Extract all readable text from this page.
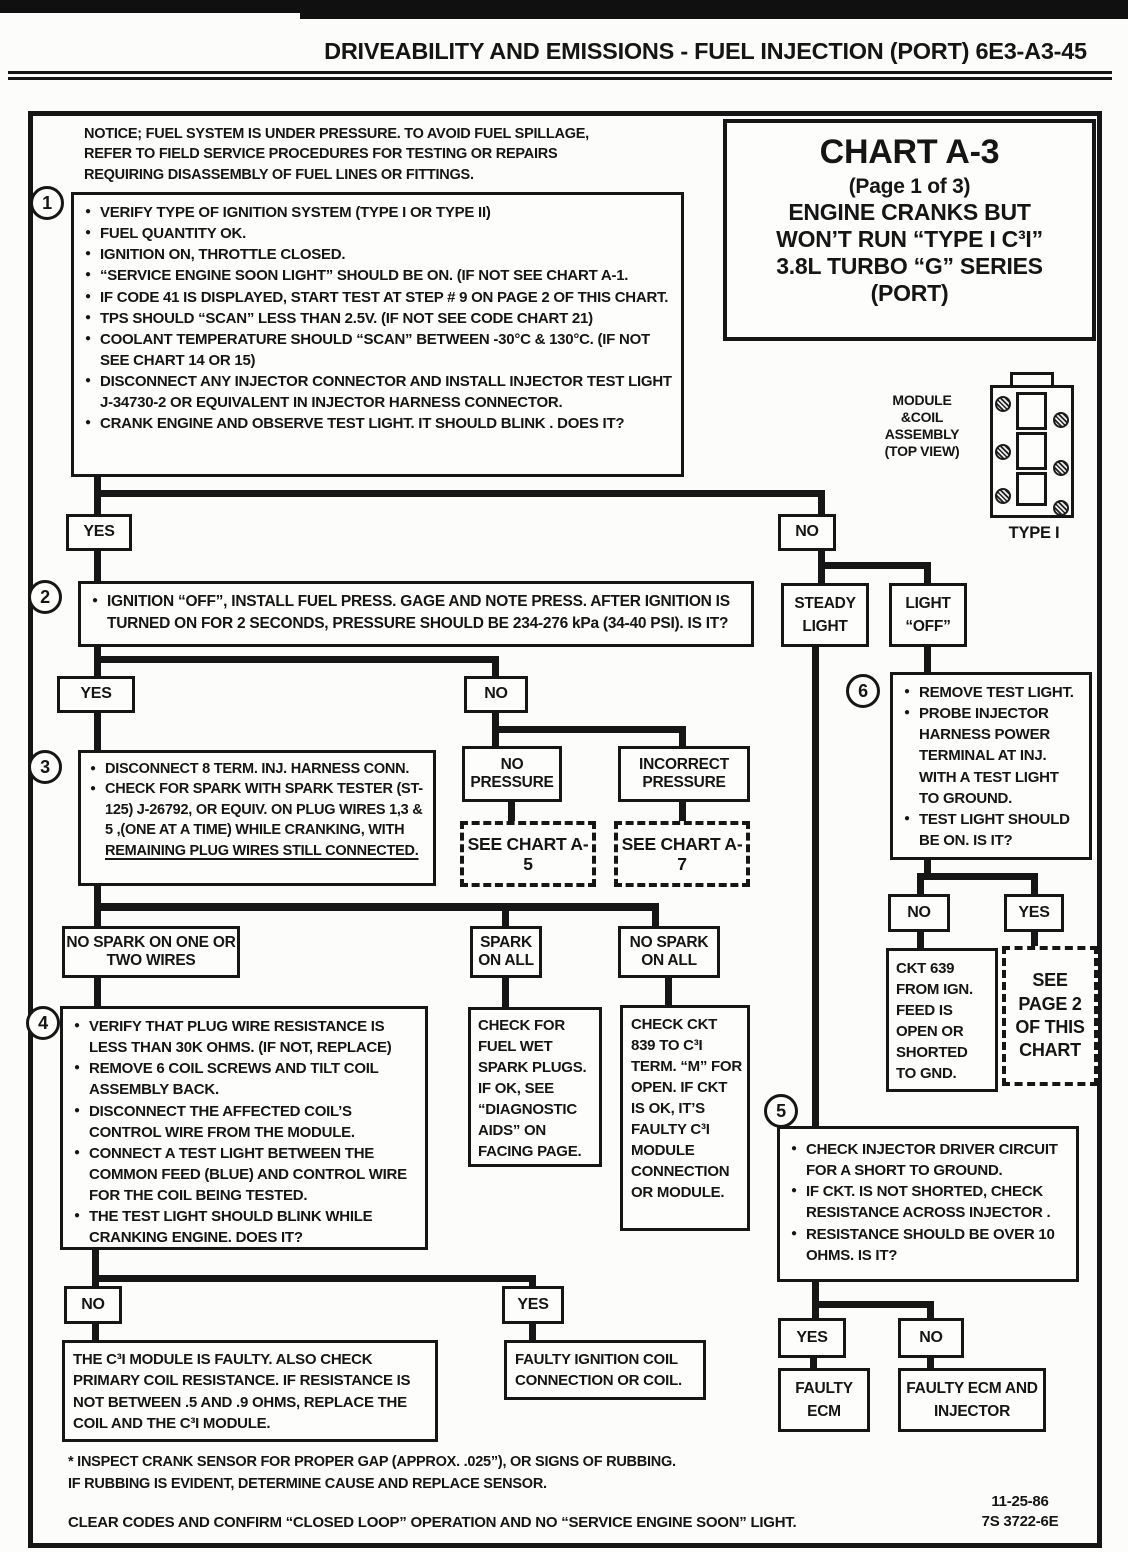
DRIVEABILITY AND EMISSIONS - FUEL INJECTION (PORT) 6E3-A3-45
NOTICE; FUEL SYSTEM IS UNDER PRESSURE. TO AVOID FUEL SPILLAGE, REFER TO FIELD SERVICE PROCEDURES FOR TESTING OR REPAIRS REQUIRING DISASSEMBLY OF FUEL LINES OR FITTINGS.
CHART A-3
(Page 1 of 3)
ENGINE CRANKS BUT
WON’T RUN “TYPE I C³I”
3.8L TURBO “G” SERIES
(PORT)
MODULE
&COIL
ASSEMBLY
(TOP VIEW)
TYPE I
1 ●	VERIFY TYPE OF IGNITION SYSTEM (TYPE I OR TYPE II)
●
FUEL QUANTITY OK.
●
IGNITION ON, THROTTLE CLOSED.
●
“SERVICE ENGINE SOON LIGHT” SHOULD BE ON. (IF NOT SEE CHART A-1.
●
IF CODE 41 IS DISPLAYED, START TEST AT STEP # 9 ON PAGE 2 OF THIS CHART.
●
TPS SHOULD “SCAN” LESS THAN 2.5V. (IF NOT SEE CODE CHART 21)
●
COOLANT TEMPERATURE SHOULD “SCAN” BETWEEN -30°C & 130°C. (IF NOT SEE CHART 14 OR 15)
●
DISCONNECT ANY INJECTOR CONNECTOR AND INSTALL INJECTOR TEST LIGHT J-34730-2 OR EQUIVALENT IN INJECTOR HARNESS CONNECTOR.
●
CRANK ENGINE AND OBSERVE TEST LIGHT. IT SHOULD BLINK . DOES IT?
YES	NO
2 ●	IGNITION “OFF”, INSTALL FUEL PRESS. GAGE AND NOTE PRESS. AFTER IGNITION IS TURNED ON FOR 2 SECONDS, PRESSURE SHOULD BE 234-276 kPa (34-40 PSI). IS IT?
YES	NO
3 ●	DISCONNECT 8 TERM. INJ. HARNESS CONN.
●
CHECK FOR SPARK WITH SPARK TESTER (ST-125) J-26792, OR EQUIV. ON PLUG WIRES 1,3 & 5 ,(ONE AT A TIME) WHILE CRANKING, WITH REMAINING PLUG WIRES STILL CONNECTED.
NO PRESSURE
INCORRECT PRESSURE
SEE CHART A-5
SEE CHART A-7
NO SPARK ON ONE OR TWO WIRES
SPARK ON ALL
NO SPARK ON ALL
4 ●	VERIFY THAT PLUG WIRE RESISTANCE IS LESS THAN 30K OHMS. (IF NOT, REPLACE)
●
REMOVE 6 COIL SCREWS AND TILT COIL ASSEMBLY BACK.
●
DISCONNECT THE AFFECTED COIL’S CONTROL WIRE FROM THE MODULE.
●
CONNECT A TEST LIGHT BETWEEN THE COMMON FEED (BLUE) AND CONTROL WIRE FOR THE COIL BEING TESTED.
●
THE TEST LIGHT SHOULD BLINK WHILE CRANKING ENGINE. DOES IT?
CHECK FOR FUEL WET SPARK PLUGS. IF OK, SEE “DIAGNOSTIC AIDS” ON FACING PAGE.
CHECK CKT 839 TO C³I TERM. “M” FOR OPEN. IF CKT IS OK, IT’S FAULTY C³I MODULE CONNECTION OR MODULE.
NO	YES
THE C³I MODULE IS FAULTY. ALSO CHECK PRIMARY COIL RESISTANCE. IF RESISTANCE IS NOT BETWEEN .5 AND .9 OHMS, REPLACE THE COIL AND THE C³I MODULE.
FAULTY IGNITION COIL CONNECTION OR COIL.
STEADY LIGHT
LIGHT “OFF”
6 ●	REMOVE TEST LIGHT.
●
PROBE INJECTOR HARNESS POWER TERMINAL AT INJ. WITH A TEST LIGHT TO GROUND.
●
TEST LIGHT SHOULD BE ON. IS IT?
NO	YES
CKT 639 FROM IGN. FEED IS OPEN OR SHORTED TO GND.
SEE PAGE 2 OF THIS CHART
5
●
CHECK INJECTOR DRIVER CIRCUIT FOR A SHORT TO GROUND.
●
IF CKT. IS NOT SHORTED, CHECK RESISTANCE ACROSS INJECTOR .
●
RESISTANCE SHOULD BE OVER 10 OHMS. IS IT?
YES	NO
FAULTY ECM
FAULTY ECM AND INJECTOR
* INSPECT CRANK SENSOR FOR PROPER GAP (APPROX. .025”), OR SIGNS OF RUBBING. IF RUBBING IS EVIDENT, DETERMINE CAUSE AND REPLACE SENSOR.
CLEAR CODES AND CONFIRM “CLOSED LOOP” OPERATION AND NO “SERVICE ENGINE SOON” LIGHT.
11-25-86
7S 3722-6E
